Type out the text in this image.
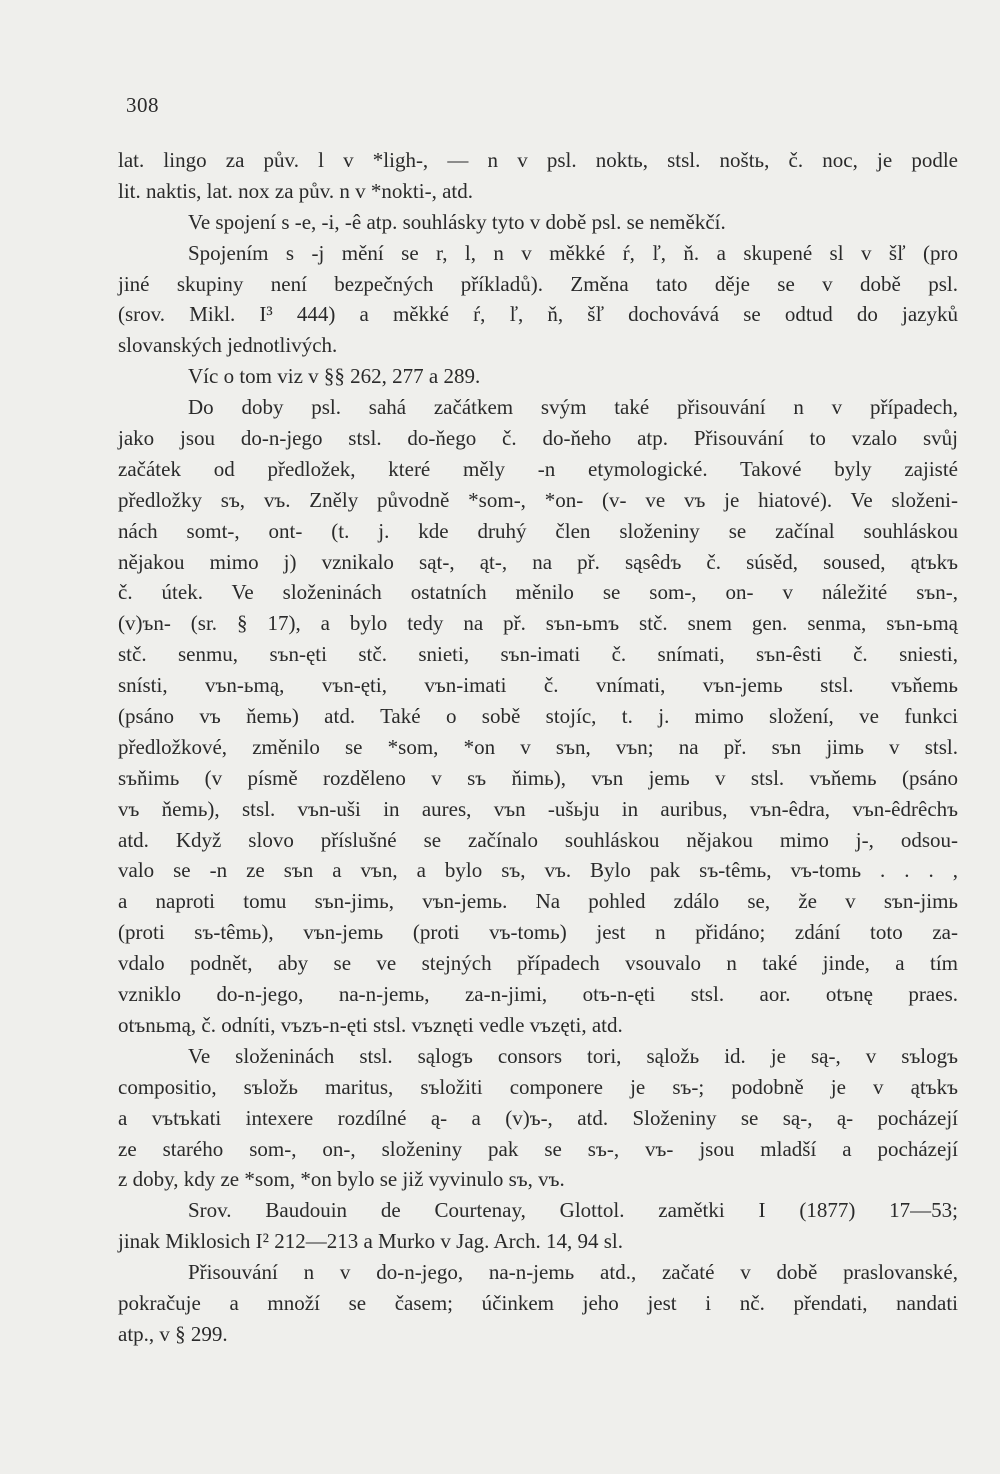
308
lat. lingo za pův. l v *ligh-, — n v psl. noktь, stsl. noštь, č. noc, je podle
lit. naktis, lat. nox za pův. n v *nokti-, atd.
Ve spojení s -e, -i, -ê atp. souhlásky tyto v době psl. se neměkčí.
Spojením s -j mění se r, l, n v měkké ŕ, ľ, ň. a skupené sl v šľ (pro
jiné skupiny není bezpečných příkladů). Změna tato děje se v době psl.
(srov. Mikl. I³ 444) a měkké ŕ, ľ, ň, šľ dochovává se odtud do jazyků
slovanských jednotlivých.
Víc o tom viz v §§ 262, 277 a 289.
Do doby psl. sahá začátkem svým také přisouvání n v případech,
jako jsou do-n-jego stsl. do-ňego č. do-ňeho atp. Přisouvání to vzalo svůj
začátek od předložek, které měly -n etymologické. Takové byly zajisté
předložky sъ, vъ. Zněly původně *som-, *on- (v- ve vъ je hiatové). Ve složeni-
nách somt-, ont- (t. j. kde druhý člen složeniny se začínal souhláskou
nějakou mimo j) vznikalo sąt-, ąt-, na př. sąsêdъ č. súsěd, soused, ątъkъ
č. útek. Ve složeninách ostatních měnilo se som-, on- v náležité sъn-,
(v)ъn- (sr. § 17), a bylo tedy na př. sъn-ьmъ stč. snem gen. senma, sъn-ьmą
stč. senmu, sъn-ęti stč. snieti, sъn-imati č. snímati, sъn-êsti č. sniesti,
snísti, vъn-ьmą, vъn-ęti, vъn-imati č. vnímati, vъn-jemь stsl. vъňemь
(psáno vъ ňemь) atd. Také o sobě stojíc, t. j. mimo složení, ve funkci
předložkové, změnilo se *som, *on v sъn, vъn; na př. sъn jimь v stsl.
sъňimь (v písmě rozděleno v sъ ňimь), vъn jemь v stsl. vъňemь (psáno
vъ ňemь), stsl. vъn-uši in aures, vъn -ušьju in auribus, vъn-êdra, vъn-êdrêchъ
atd. Když slovo příslušné se začínalo souhláskou nějakou mimo j-, odsou-
valo se -n ze sъn a vъn, a bylo sъ, vъ. Bylo pak sъ-têmь, vъ-tomь . . . ,
a naproti tomu sъn-jimь, vъn-jemь. Na pohled zdálo se, že v sъn-jimь
(proti sъ-têmь), vъn-jemь (proti vъ-tomь) jest n přidáno; zdání toto za-
vdalo podnět, aby se ve stejných případech vsouvalo n také jinde, a tím
vzniklo do-n-jego, na-n-jemь, za-n-jimi, otъ-n-ęti stsl. aor. otъnę praes.
otъnьmą, č. odníti, vъzъ-n-ęti stsl. vъznęti vedle vъzęti, atd.
Ve složeninách stsl. sąlogъ consors tori, sąložь id. je są-, v sъlogъ
compositio, sъložь maritus, sъložiti componere je sъ-; podobně je v ątъkъ
a vъtъkati intexere rozdílné ą- a (v)ъ-, atd. Složeniny se są-, ą- pocházejí
ze starého som-, on-, složeniny pak se sъ-, vъ- jsou mladší a pocházejí
z doby, kdy ze *som, *on bylo se již vyvinulo sъ, vъ.
Srov. Baudouin de Courtenay, Glottol. zamětki I (1877) 17—53;
jinak Miklosich I² 212—213 a Murko v Jag. Arch. 14, 94 sl.
Přisouvání n v do-n-jego, na-n-jemь atd., začaté v době praslovanské,
pokračuje a množí se časem; účinkem jeho jest i nč. přendati, nandati
atp., v § 299.
